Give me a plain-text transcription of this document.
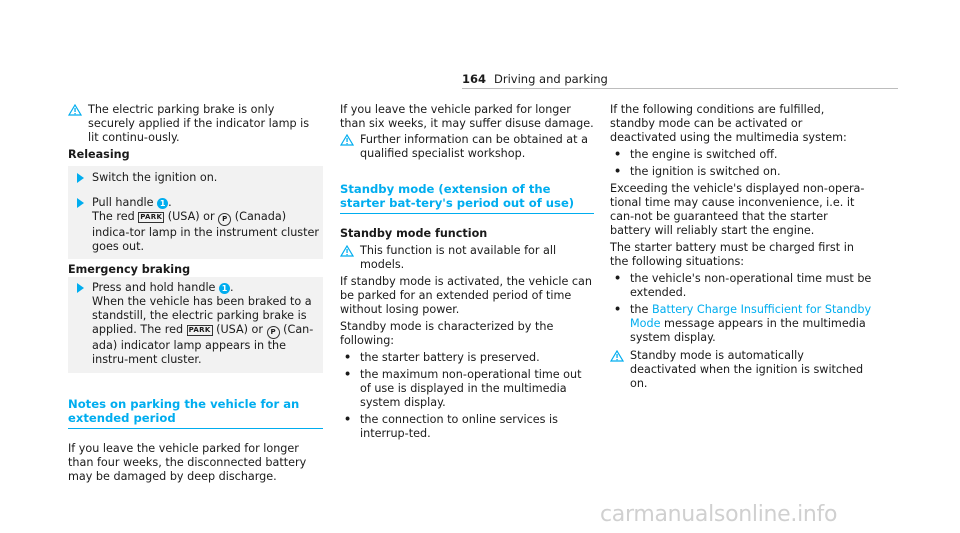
164 Driving and parking

The electric parking brake is only securely applied if the indicator lamp is lit continu-ously.

Releasing

Switch the ignition on.
Pull handle 1 .
The red PARK (USA) or P (Canada) indica-tor lamp in the instrument cluster goes out.

Emergency braking

Press and hold handle 1 .
When the vehicle has been braked to a standstill, the electric parking brake is applied. The red PARK (USA) or P (Can-ada) indicator lamp appears in the instru-ment cluster.

Notes on parking the vehicle for an extended period

If you leave the vehicle parked for longer than four weeks, the disconnected battery may be damaged by deep discharge.

If you leave the vehicle parked for longer than six weeks, it may suffer disuse damage.

Further information can be obtained at a qualified specialist workshop.

Standby mode (extension of the starter bat-tery's period out of use)

Standby mode function

This function is not available for all models.

If standby mode is activated, the vehicle can be parked for an extended period of time without losing power.

Standby mode is characterized by the following:

• the starter battery is preserved.
• the maximum non-operational time out of use is displayed in the multimedia system display.
• the connection to online services is interrup-ted.

If the following conditions are fulfilled, standby mode can be activated or deactivated using the multimedia system:

• the engine is switched off.
• the ignition is switched on.

Exceeding the vehicle's displayed non-opera-tional time may cause inconvenience, i.e. it can-not be guaranteed that the starter battery will reliably start the engine.

The starter battery must be charged first in the following situations:

• the vehicle's non-operational time must be extended.
• the Battery Charge Insufficient for Standby Mode message appears in the multimedia system display.

Standby mode is automatically deactivated when the ignition is switched on.

carmanualsonline.info
